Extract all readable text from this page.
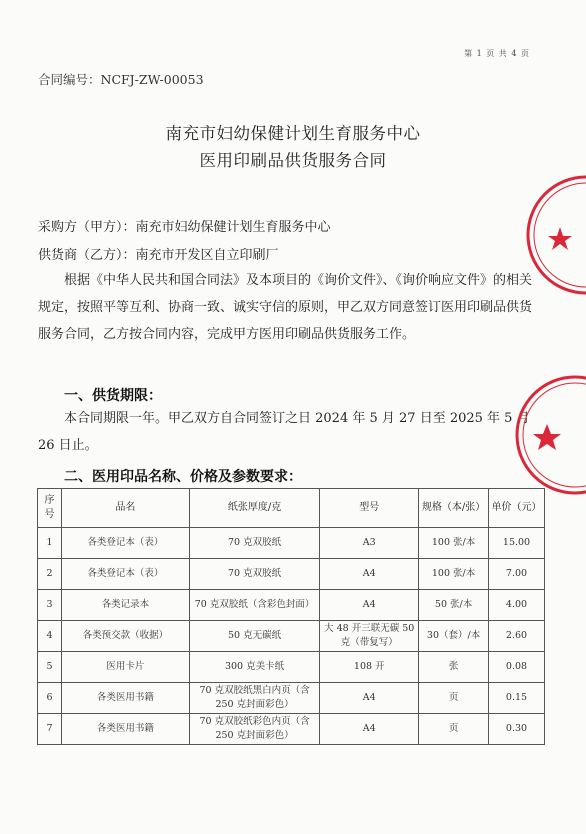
第 1 页 共 4 页
合同编号：NCFJ-ZW-00053
南充市妇幼保健计划生育服务中心
医用印刷品供货服务合同
采购方（甲方）：南充市妇幼保健计划生育服务中心
供货商（乙方）：南充市开发区自立印刷厂
根据《中华人民共和国合同法》及本项目的《询价文件》、《询价响应文件》的相关规定，按照平等互利、协商一致、诚实守信的原则，甲乙双方同意签订医用印刷品供货服务合同，乙方按合同内容，完成甲方医用印刷品供货服务工作。
一、供货期限：
本合同期限一年。甲乙双方自合同签订之日 2024 年 5 月 27 日至 2025 年 5 月 26 日止。
二、医用印品名称、价格及参数要求：
序号	品名	纸张厚度/克	型号	规格（本/张）	单价（元）
1	各类登记本（表）	70 克双胶纸	A3	100 张/本	15.00
2	各类登记本（表）	70 克双胶纸	A4	100 张/本	7.00
3	各类记录本	70 克双胶纸（含彩色封面）	A4	50 张/本	4.00
4	各类预交款（收据）	50 克无碳纸	大 48 开三联无碳 50 克（带复写）	30（套）/本	2.60
5	医用卡片	300 克美卡纸	108 开	张	0.08
6	各类医用书籍	70 克双胶纸黑白内页（含 250 克封面彩色）	A4	页	0.15
7	各类医用书籍	70 克双胶纸彩色内页（含 250 克封面彩色）	A4	页	0.30
